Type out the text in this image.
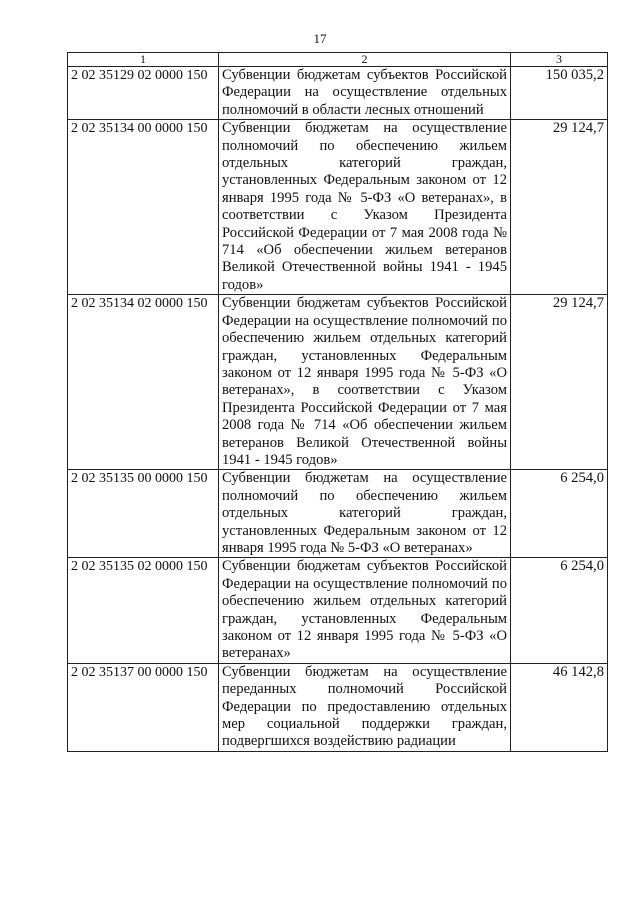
17
1	2	3
2 02 35129 02 0000 150	Субвенции бюджетам субъектов Российской Федерации на осуществление отдельных полномочий в области лесных отношений	150 035,2
2 02 35134 00 0000 150	Субвенции бюджетам на осуществление полномочий по обеспечению жильем отдельных категорий граждан, установленных Федеральным законом от 12 января 1995 года № 5-ФЗ «О ветеранах», в соответствии с Указом Президента Российской Федерации от 7 мая 2008 года № 714 «Об обеспечении жильем ветеранов Великой Отечественной войны 1941 - 1945 годов»	29 124,7
2 02 35134 02 0000 150	Субвенции бюджетам субъектов Российской Федерации на осуществление полномочий по обеспечению жильем отдельных категорий граждан, установленных Федеральным законом от 12 января 1995 года № 5-ФЗ «О ветеранах», в соответствии с Указом Президента Российской Федерации от 7 мая 2008 года № 714 «Об обеспечении жильем ветеранов Великой Отечественной войны 1941 - 1945 годов»	29 124,7
2 02 35135 00 0000 150	Субвенции бюджетам на осуществление полномочий по обеспечению жильем отдельных категорий граждан, установленных Федеральным законом от 12 января 1995 года № 5-ФЗ «О ветеранах»	6 254,0
2 02 35135 02 0000 150	Субвенции бюджетам субъектов Российской Федерации на осуществление полномочий по обеспечению жильем отдельных категорий граждан, установленных Федеральным законом от 12 января 1995 года № 5-ФЗ «О ветеранах»	6 254,0
2 02 35137 00 0000 150	Субвенции бюджетам на осуществление переданных полномочий Российской Федерации по предоставлению отдельных мер социальной поддержки граждан, подвергшихся воздействию радиации	46 142,8
